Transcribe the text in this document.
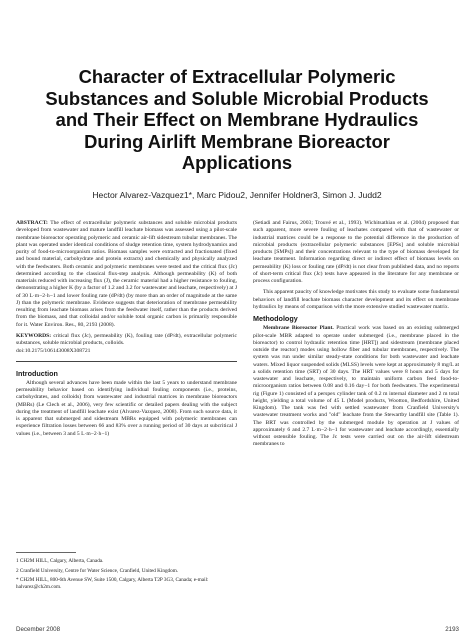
Character of Extracellular Polymeric Substances and Soluble Microbial Products and Their Effect on Membrane Hydraulics During Airlift Membrane Bioreactor Applications
Hector Alvarez-Vazquez1*, Marc Pidou2, Jennifer Holdner3, Simon J. Judd2

ABSTRACT: The effect of extracellular polymeric substances and soluble microbial products developed from wastewater and mature landfill leachate biomass was assessed using a pilot-scale membrane bioreactor operating polymeric and ceramic air-lift sidestream tubular membranes. The plant was operated under identical conditions of sludge retention time, system hydrodynamics and purity of food-to-microorganism ratios. Biomass samples were extracted and fractionated (fixed and bound material, carbohydrate and protein extracts) and chemically and physically analyzed with the feedwaters. Both ceramic and polymeric membranes were tested and the critical flux (Jc) determined according to the classical flux-step analysis. Although permeability (K) of both materials reduced with increasing flux (J), the ceramic material had a higher resistance to fouling, demonstrating a higher K (by a factor of 1.2 and 3.2 for wastewater and leachate, respectively) at J of 30 L·m−2·h−1 and lower fouling rate (dP/dt) (by more than an order of magnitude at the same J) than the polymeric membrane. Evidence suggests that deterioration of membrane permeability resulting from leachate biomass arises from the feedwater itself, rather than the products derived from the biomass, and that colloidal and/or soluble total organic carbon is primarily responsible for it. Water Environ. Res., 80, 2193 (2008).

KEYWORDS: critical flux (Jc), permeability (K), fouling rate (dP/dt), extracellular polymeric substances, soluble microbial products, colloids.

doi:10.2175/106143008X308721

Introduction

Although several advances have been made within the last 5 years to understand membrane permeability behavior based on identifying individual fouling components (i.e., proteins, carbohydrates, and colloids) from wastewater and industrial matrices in membrane bioreactors (MBRs) (Le Clech et al., 2006), very few scientific or detailed papers dealing with the subject during the treatment of landfill leachate exist (Alvarez-Vazquez, 2008). From such source data, it is apparent that submerged and sidestream MBRs equipped with polymeric membranes can experience filtration losses between 66 and 83% over a running period of 30 days at subcritical J values (i.e., between 3 and 5 L·m−2·h−1)

1 CH2M HILL, Calgary, Alberta, Canada.

2 Cranfield University, Centre for Water Science, Cranfield, United Kingdom.

* CH2M HILL, 800-6th Avenue SW, Suite 1500, Calgary, Alberta T2P 3G3, Canada; e-mail: halvarez@ch2m.com.

(Setiadi and Fairus, 2003; Trouvé et al., 1993). Wichitsathian et al. (2004) proposed that such apparent, more severe fouling of leachates compared with that of wastewater or industrial matrices could be a response to the potential difference in the production of microbial products (extracellular polymeric substances [EPSs] and soluble microbial products [SMPs]) and their concentrations relevant to the type of biomass developed for leachate treatment. Information regarding direct or indirect effect of biomass levels on permeability (K) loss or fouling rate (dP/dt) is not clear from published data, and no reports of short-term critical flux (Jc) tests have appeared in the literature for any membrane or process configuration.

This apparent paucity of knowledge motivates this study to evaluate some fundamental behaviors of landfill leachate biomass character development and its effect on membrane hydraulics by means of comparison with the more extensive studied wastewater matrix.

Methodology

Membrane Bioreactor Plant. Practical work was based on an existing submerged pilot-scale MBR adapted to operate under submerged (i.e., membrane placed in the bioreactor) to control hydraulic retention time [HRT]) and sidestream (membrane placed outside the reactor) modes using hollow fiber and tubular membranes, respectively. The system was run under similar steady-state conditions for both wastewater and leachate waters. Mixed liquor suspended solids (MLSS) levels were kept at approximately 8 mg/L at a solids retention time (SRT) of 30 days. The HRT values were 8 hours and 5 days for wastewater and leachate, respectively, to maintain uniform carbon feed food-to-microorganism ratios between 0.08 and 0.16 day−1 for both feedwaters. The experimental rig (Figure 1) consisted of a perspex cylinder tank of 0.2 m internal diameter and 2 m total height, yielding a total volume of 45 L (Model products, Wootton, Bedfordshire, United Kingdom). The tank was fed with settled wastewater from Cranfield University's wastewater treatment works and "old" leachate from the Stewartby landfill site (Table 1). The BRT was controlled by the submerged module by operation at J values of approximately 6 and 2.7 L·m−2·h−1 for wastewater and leachate accordingly, essentially without ostensible fouling. The Jc tests were carried out on the air-lift sidestream membranes to

December 2008	2193
